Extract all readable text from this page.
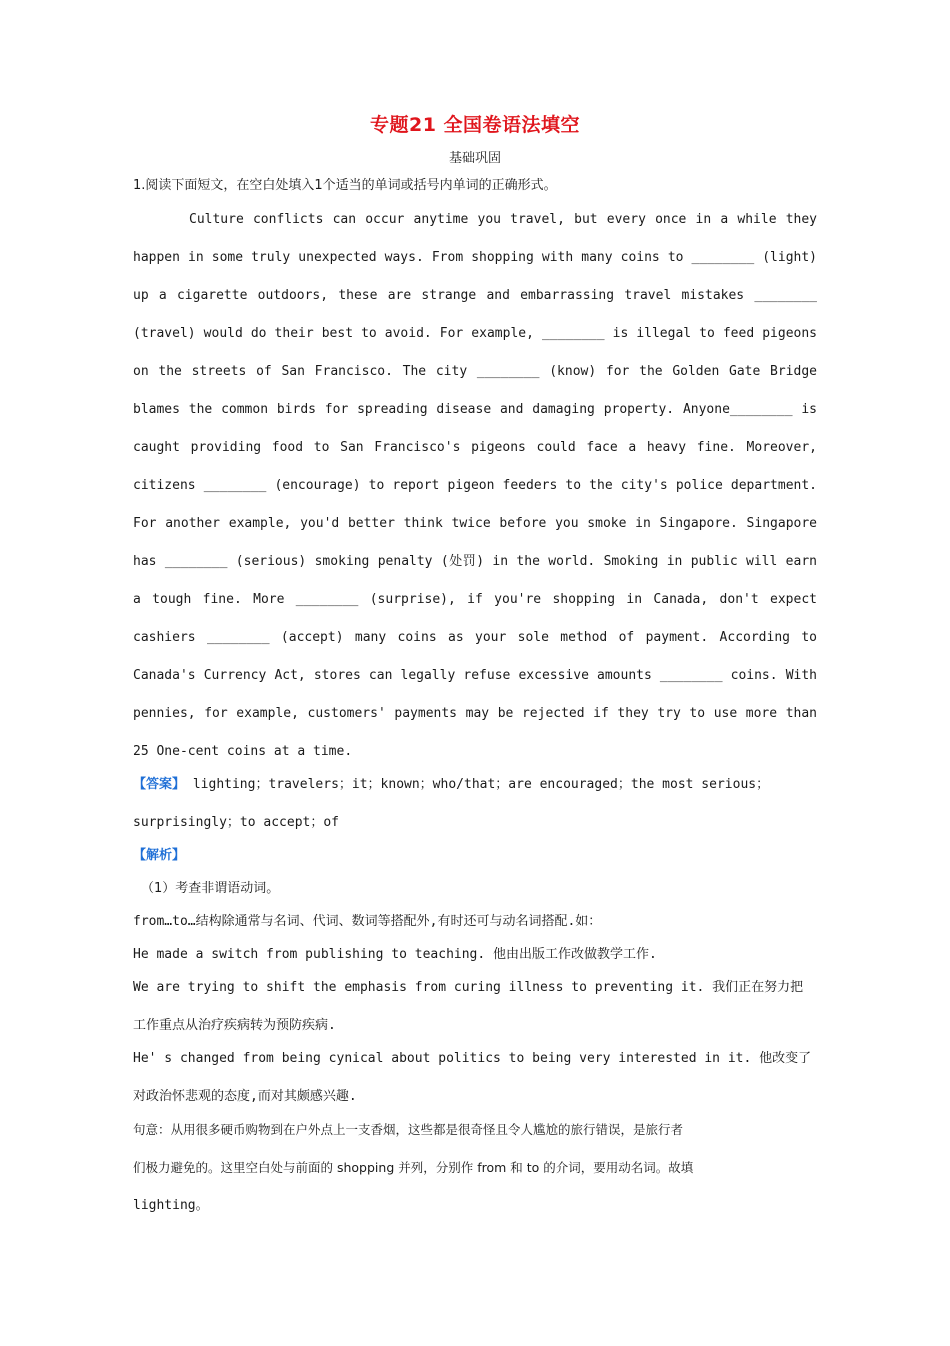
专题21 全国卷语法填空
基础巩固
1.阅读下面短文，在空白处填入1个适当的单词或括号内单词的正确形式。
Culture conflicts can occur anytime you travel, but every once in a while they
happen in some truly unexpected ways. From shopping with many coins to ________ (light)
up a cigarette outdoors, these are strange and embarrassing travel mistakes ________
(travel) would do their best to avoid. For example, ________ is illegal to feed pigeons
on the streets of San Francisco. The city ________ (know) for the Golden Gate Bridge
blames the common birds for spreading disease and damaging property. Anyone________ is
caught providing food to San Francisco's pigeons could face a heavy fine. Moreover,
citizens ________ (encourage) to report pigeon feeders to the city's police department.
For another example, you'd better think twice before you smoke in Singapore. Singapore
has ________ (serious) smoking penalty (处罚) in the world. Smoking in public will earn
a tough fine. More ________ (surprise), if you're shopping in Canada, don't expect
cashiers ________ (accept) many coins as your sole method of payment. According to
Canada's Currency Act, stores can legally refuse excessive amounts ________ coins. With
pennies, for example, customers' payments may be rejected if they try to use more than
25 One-cent coins at a time.
【答案】 lighting；travelers；it；known；who/that；are encouraged；the most serious；
surprisingly；to accept；of
【解析】
（1）考查非谓语动词。
from…to…结构除通常与名词、代词、数词等搭配外,有时还可与动名词搭配.如：
He made a switch from publishing to teaching. 他由出版工作改做教学工作.
We are trying to shift the emphasis from curing illness to preventing it. 我们正在努力把
工作重点从治疗疾病转为预防疾病.
He' s changed from being cynical about politics to being very interested in it. 他改变了
对政治怀悲观的态度,而对其颇感兴趣.
句意：从用很多硬币购物到在户外点上一支香烟，这些都是很奇怪且令人尴尬的旅行错误，是旅行者
们极力避免的。这里空白处与前面的 shopping 并列，分别作 from 和 to 的介词，要用动名词。故填
lighting。
